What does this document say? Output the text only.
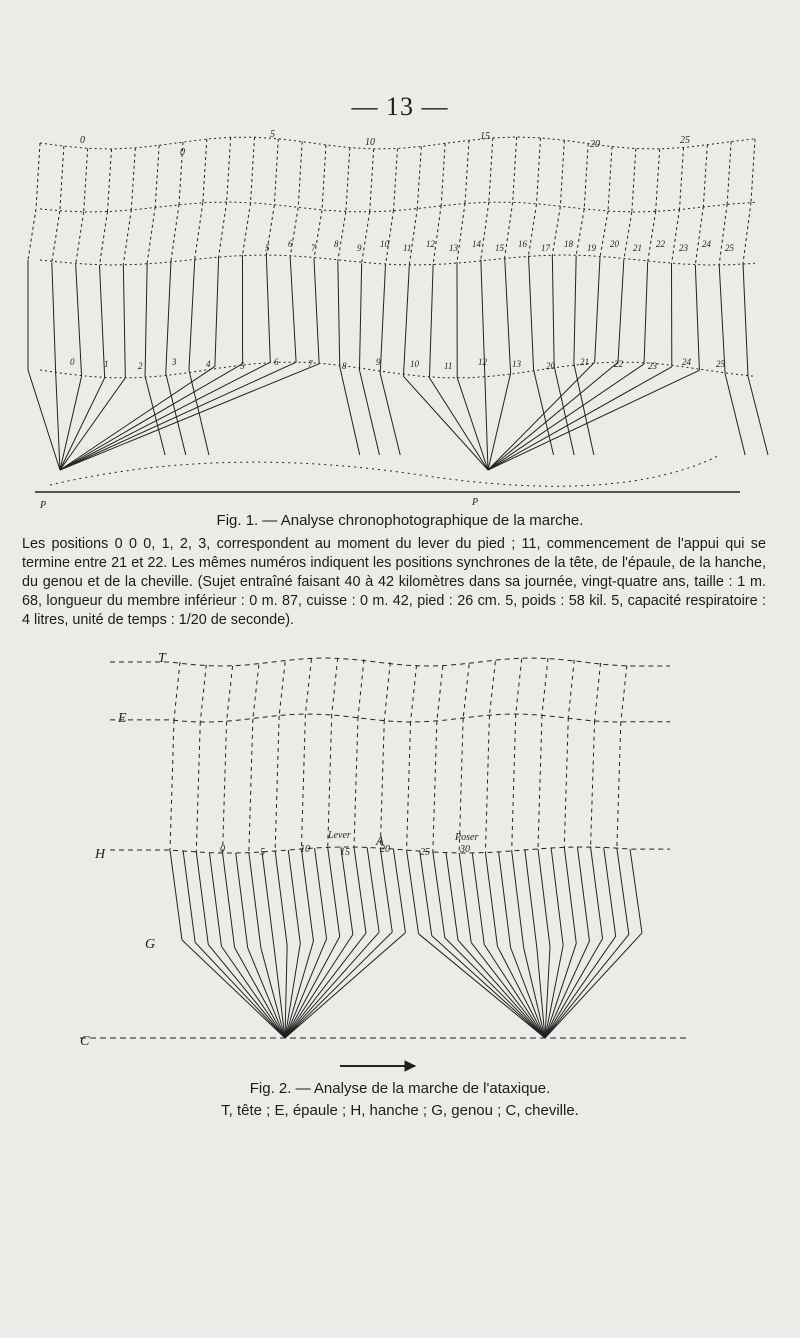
— 13 —
0
0
5
10
15
20	25
5 6 7 8 9 10 11 12 13 14 15 16 17 18 19 20 21 22 23 24 25
0	1	2	3	4	5	6	7	8	9	10	11	12	13	20	21	22	23	24	25
P	P
Fig. 1. — Analyse chronophotographique de la marche.
Les positions 0 0 0, 1, 2, 3, correspondent au moment du lever du pied ; 11, commencement de l'appui qui se termine entre 21 et 22. Les mêmes numéros indiquent les positions synchrones de la tête, de l'épaule, de la hanche, du genou et de la cheville. (Sujet entraîné faisant 40 à 42 kilomètres dans sa journée, vingt-quatre ans, taille : 1 m. 68, longueur du membre inférieur : 0 m. 87, cuisse : 0 m. 42, pied : 26 cm. 5, poids : 58 kil. 5, capacité respiratoire : 4 litres, unité de temps : 1/20 de seconde).
T
E
H
G
C
Lever	Poser
A
0	5	10	15	20	25	30
Fig. 2. — Analyse de la marche de l'ataxique.
T, tête ; E, épaule ; H, hanche ; G, genou ; C, cheville.
